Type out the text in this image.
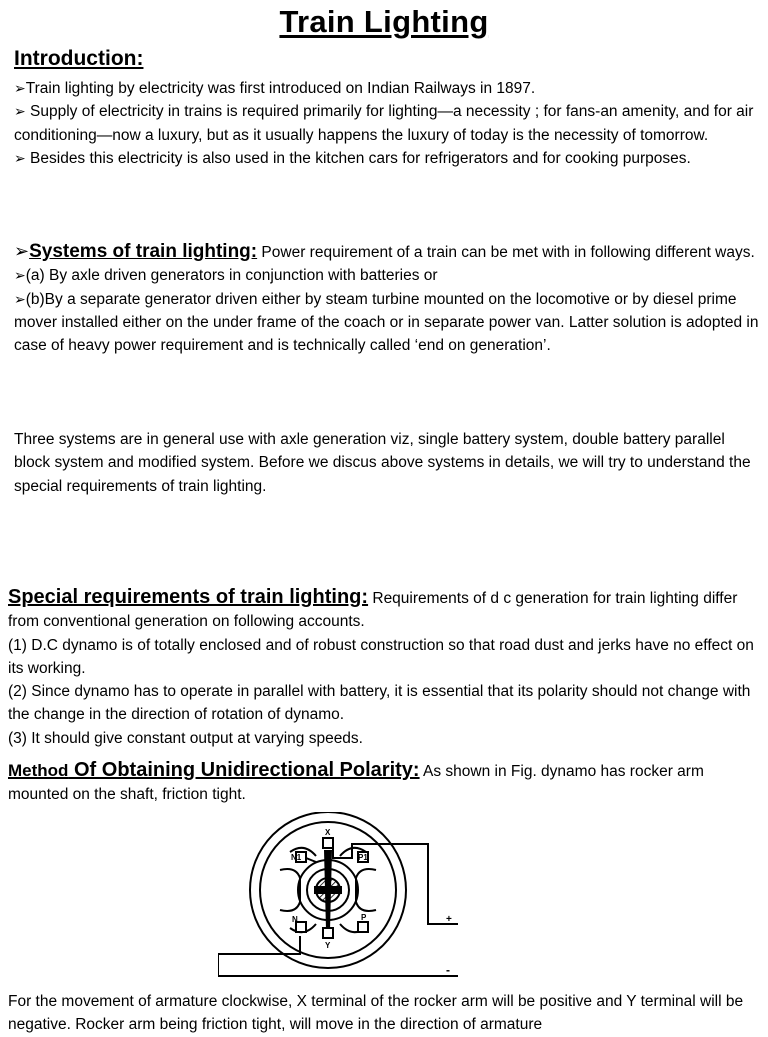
Train Lighting
Introduction:
➢Train lighting by electricity was first introduced on Indian Railways in 1897.
➢ Supply of electricity in trains is required primarily for lighting—a necessity ; for fans-an amenity, and for air conditioning—now a luxury, but as it usually happens the luxury of today is the necessity of tomorrow.
➢ Besides this electricity is also used in the kitchen cars for refrigerators and for cooking purposes.
➢Systems of train lighting: Power requirement of a train can be met with in following different ways.
➢(a) By axle driven generators in conjunction with batteries or
➢(b)By a separate generator driven either by steam turbine mounted on the locomotive or by diesel prime mover installed either on the under frame of the coach or in separate power van. Latter solution is adopted in case of heavy power requirement and is technically called ‘end on generation’.

Three systems are in general use with axle generation viz, single battery system, double battery parallel block system and modified system. Before we discus above systems in details, we will try to understand the special requirements of train lighting.

Special requirements of train lighting: Requirements of d c generation for train lighting differ from conventional generation on following accounts.
(1) D.C dynamo is of totally enclosed and of robust construction so that road dust and jerks have no effect on its working.
(2) Since dynamo has to operate in parallel with battery, it is essential that its polarity should not change with the change in the direction of rotation of dynamo.
(3) It should give constant output at varying speeds.
Method Of Obtaining Unidirectional Polarity: As shown in Fig. dynamo has rocker arm mounted on the shaft, friction tight.
X
Y
N1	P1
N	P	+
-

For the movement of armature clockwise, X terminal of the rocker arm will be positive and Y terminal will be negative. Rocker arm being friction tight, will move in the direction of armature
